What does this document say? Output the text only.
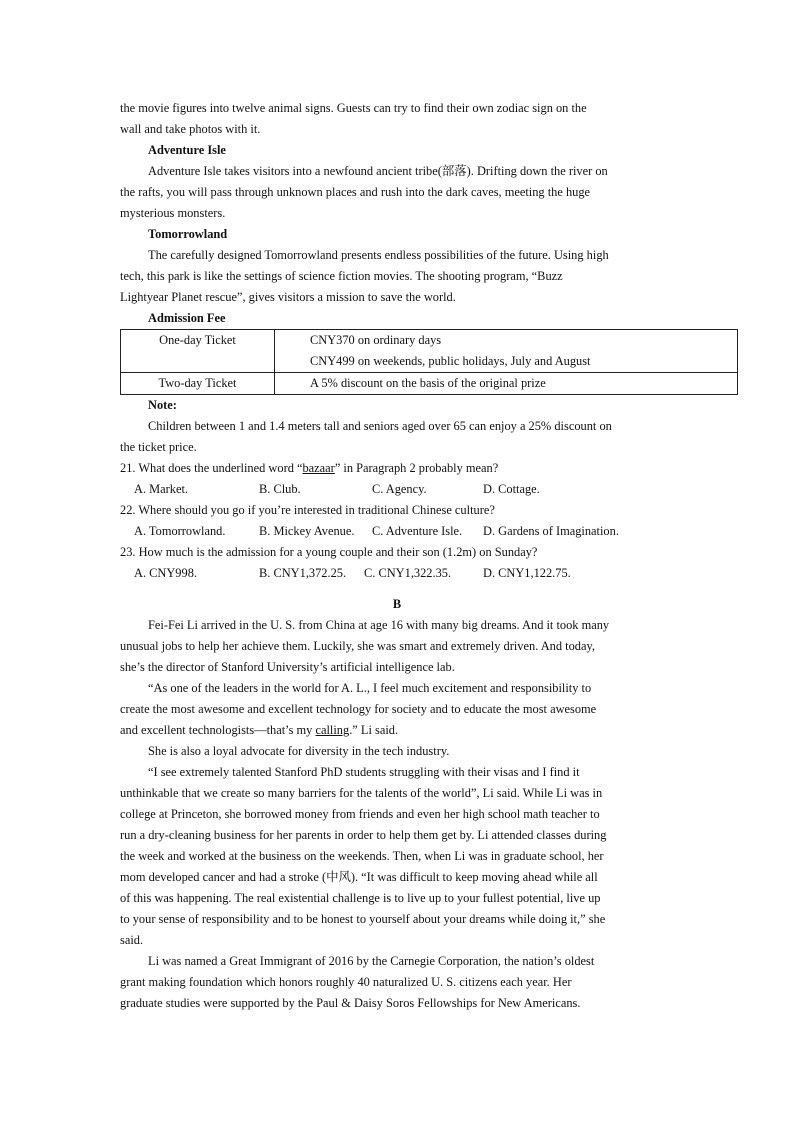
the movie figures into twelve animal signs. Guests can try to find their own zodiac sign on the
wall and take photos with it.

Adventure Isle

Adventure Isle takes visitors into a newfound ancient tribe(部落). Drifting down the river on
the rafts, you will pass through unknown places and rush into the dark caves, meeting the huge
mysterious monsters.

Tomorrowland

The carefully designed Tomorrowland presents endless possibilities of the future. Using high
tech, this park is like the settings of science fiction movies. The shooting program, “Buzz
Lightyear Planet rescue”, gives visitors a mission to save the world.

Admission Fee

One-day Ticket	CNY370 on ordinary days
CNY499 on weekends, public holidays, July and August
Two-day Ticket	A 5% discount on the basis of the original prize

Note:

Children between 1 and 1.4 meters tall and seniors aged over 65 can enjoy a 25% discount on
the ticket price.

21. What does the underlined word “bazaar” in Paragraph 2 probably mean?

A. Market.	B. Club.	C. Agency.	D. Cottage.

22. Where should you go if you’re interested in traditional Chinese culture?

A. Tomorrowland.	B. Mickey Avenue. C. Adventure Isle. D. Gardens of Imagination.

23. How much is the admission for a young couple and their son (1.2m) on Sunday?

A. CNY998.	B. CNY1,372.25. C. CNY1,322.35.	D. CNY1,122.75.

B

Fei-Fei Li arrived in the U. S. from China at age 16 with many big dreams. And it took many
unusual jobs to help her achieve them. Luckily, she was smart and extremely driven. And today,
she’s the director of Stanford University’s artificial intelligence lab.

“As one of the leaders in the world for A. L., I feel much excitement and responsibility to
create the most awesome and excellent technology for society and to educate the most awesome
and excellent technologists—that’s my calling.” Li said.

She is also a loyal advocate for diversity in the tech industry.

“I see extremely talented Stanford PhD students struggling with their visas and I find it
unthinkable that we create so many barriers for the talents of the world”, Li said. While Li was in
college at Princeton, she borrowed money from friends and even her high school math teacher to
run a dry-cleaning business for her parents in order to help them get by. Li attended classes during
the week and worked at the business on the weekends. Then, when Li was in graduate school, her
mom developed cancer and had a stroke (中风). “It was difficult to keep moving ahead while all
of this was happening. The real existential challenge is to live up to your fullest potential, live up
to your sense of responsibility and to be honest to yourself about your dreams while doing it,” she
said.

Li was named a Great Immigrant of 2016 by the Carnegie Corporation, the nation’s oldest
grant making foundation which honors roughly 40 naturalized U. S. citizens each year. Her
graduate studies were supported by the Paul & Daisy Soros Fellowships for New Americans.
